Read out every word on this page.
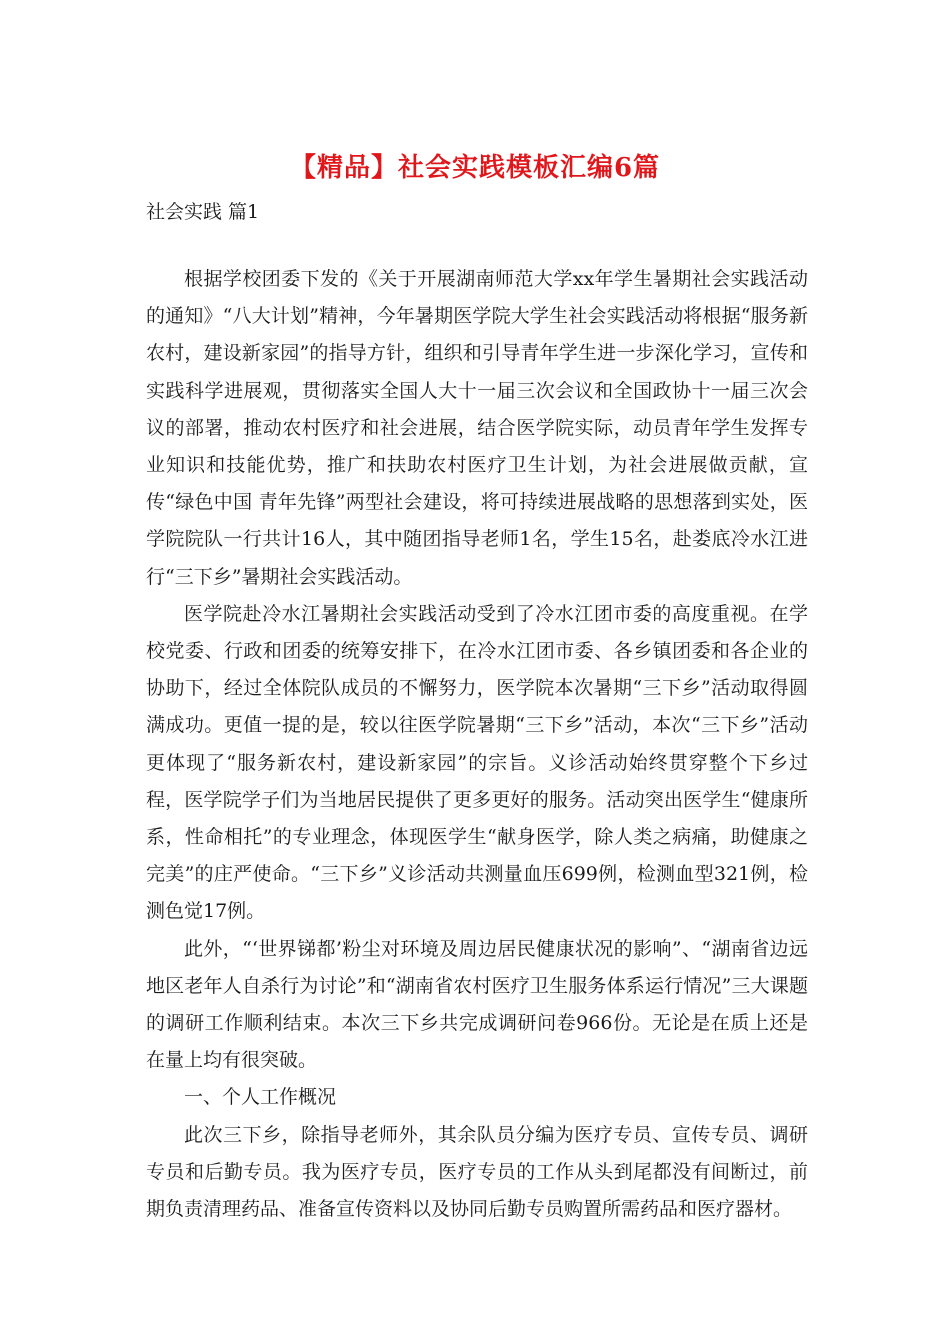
【精品】社会实践模板汇编6篇
社会实践 篇1

根据学校团委下发的《关于开展湖南师范大学xx年学生暑期社会实践活动的通知》“八大计划”精神，今年暑期医学院大学生社会实践活动将根据“服务新农村，建设新家园”的指导方针，组织和引导青年学生进一步深化学习，宣传和实践科学进展观，贯彻落实全国人大十一届三次会议和全国政协十一届三次会议的部署，推动农村医疗和社会进展，结合医学院实际，动员青年学生发挥专业知识和技能优势，推广和扶助农村医疗卫生计划，为社会进展做贡献，宣传“绿色中国 青年先锋”两型社会建设，将可持续进展战略的思想落到实处，医学院院队一行共计16人，其中随团指导老师1名，学生15名，赴娄底冷水江进行“三下乡”暑期社会实践活动。

医学院赴冷水江暑期社会实践活动受到了冷水江团市委的高度重视。在学校党委、行政和团委的统筹安排下，在冷水江团市委、各乡镇团委和各企业的协助下，经过全体院队成员的不懈努力，医学院本次暑期“三下乡”活动取得圆满成功。更值一提的是，较以往医学院暑期“三下乡”活动，本次“三下乡”活动更体现了“服务新农村，建设新家园”的宗旨。义诊活动始终贯穿整个下乡过程，医学院学子们为当地居民提供了更多更好的服务。活动突出医学生“健康所系，性命相托”的专业理念，体现医学生“献身医学，除人类之病痛，助健康之完美”的庄严使命。“三下乡”义诊活动共测量血压699例，检测血型321例，检测色觉17例。

此外，“‘世界锑都’粉尘对环境及周边居民健康状况的影响”、“湖南省边远地区老年人自杀行为讨论”和“湖南省农村医疗卫生服务体系运行情况”三大课题的调研工作顺利结束。本次三下乡共完成调研问卷966份。无论是在质上还是在量上均有很突破。

一、个人工作概况

此次三下乡，除指导老师外，其余队员分编为医疗专员、宣传专员、调研专员和后勤专员。我为医疗专员，医疗专员的工作从头到尾都没有间断过，前期负责清理药品、准备宣传资料以及协同后勤专员购置所需药品和医疗器材。
